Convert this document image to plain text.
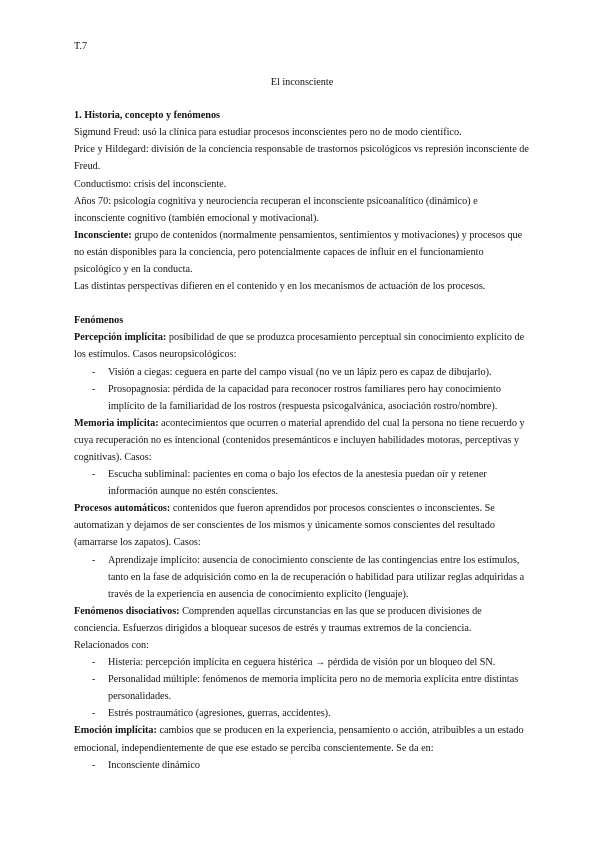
T.7

El inconsciente

1. Historia, concepto y fenómenos

Sigmund Freud: usó la clínica para estudiar procesos inconscientes pero no de modo científico.

Price y Hildegard: división de la conciencia responsable de trastornos psicológicos vs represión inconsciente de Freud.

Conductismo: crisis del inconsciente.

Años 70: psicología cognitiva y neurociencia recuperan el inconsciente psicoanalítico (dinámico) e inconsciente cognitivo (también emocional y motivacional).

Inconsciente: grupo de contenidos (normalmente pensamientos, sentimientos y motivaciones) y procesos que no están disponibles para la conciencia, pero potencialmente capaces de influir en el funcionamiento psicológico y en la conducta.

Las distintas perspectivas difieren en el contenido y en los mecanismos de actuación de los procesos.

Fenómenos

Percepción implícita: posibilidad de que se produzca procesamiento perceptual sin conocimiento explícito de los estímulos. Casos neuropsicológicos:

- Visión a ciegas: ceguera en parte del campo visual (no ve un lápiz pero es capaz de dibujarlo).
- Prosopagnosia: pérdida de la capacidad para reconocer rostros familiares pero hay conocimiento implícito de la familiaridad de los rostros (respuesta psicogalvánica, asociación rostro/nombre).

Memoria implícita: acontecimientos que ocurren o material aprendido del cual la persona no tiene recuerdo y cuya recuperación no es intencional (contenidos presemánticos e incluyen habilidades motoras, perceptivas y cognitivas). Casos:

- Escucha subliminal: pacientes en coma o bajo los efectos de la anestesia puedan oír y retener información aunque no estén conscientes.

Procesos automáticos: contenidos que fueron aprendidos por procesos conscientes o inconscientes. Se automatizan y dejamos de ser conscientes de los mismos y únicamente somos conscientes del resultado (amarrarse los zapatos). Casos:

- Aprendizaje implícito: ausencia de conocimiento consciente de las contingencias entre los estímulos, tanto en la fase de adquisición como en la de recuperación o habilidad para utilizar reglas adquiridas a través de la experiencia en ausencia de conocimiento explícito (lenguaje).

Fenómenos disociativos: Comprenden aquellas circunstancias en las que se producen divisiones de conciencia. Esfuerzos dirigidos a bloquear sucesos de estrés y traumas extremos de la conciencia.

Relacionados con:

- Histeria: percepción implícita en ceguera histérica → pérdida de visión por un bloqueo del SN.
- Personalidad múltiple: fenómenos de memoria implícita pero no de memoria explícita entre distintas personalidades.
- Estrés postraumático (agresiones, guerras, accidentes).

Emoción implícita: cambios que se producen en la experiencia, pensamiento o acción, atribuibles a un estado emocional, independientemente de que ese estado se perciba conscientemente. Se da en:

- Inconsciente dinámico
